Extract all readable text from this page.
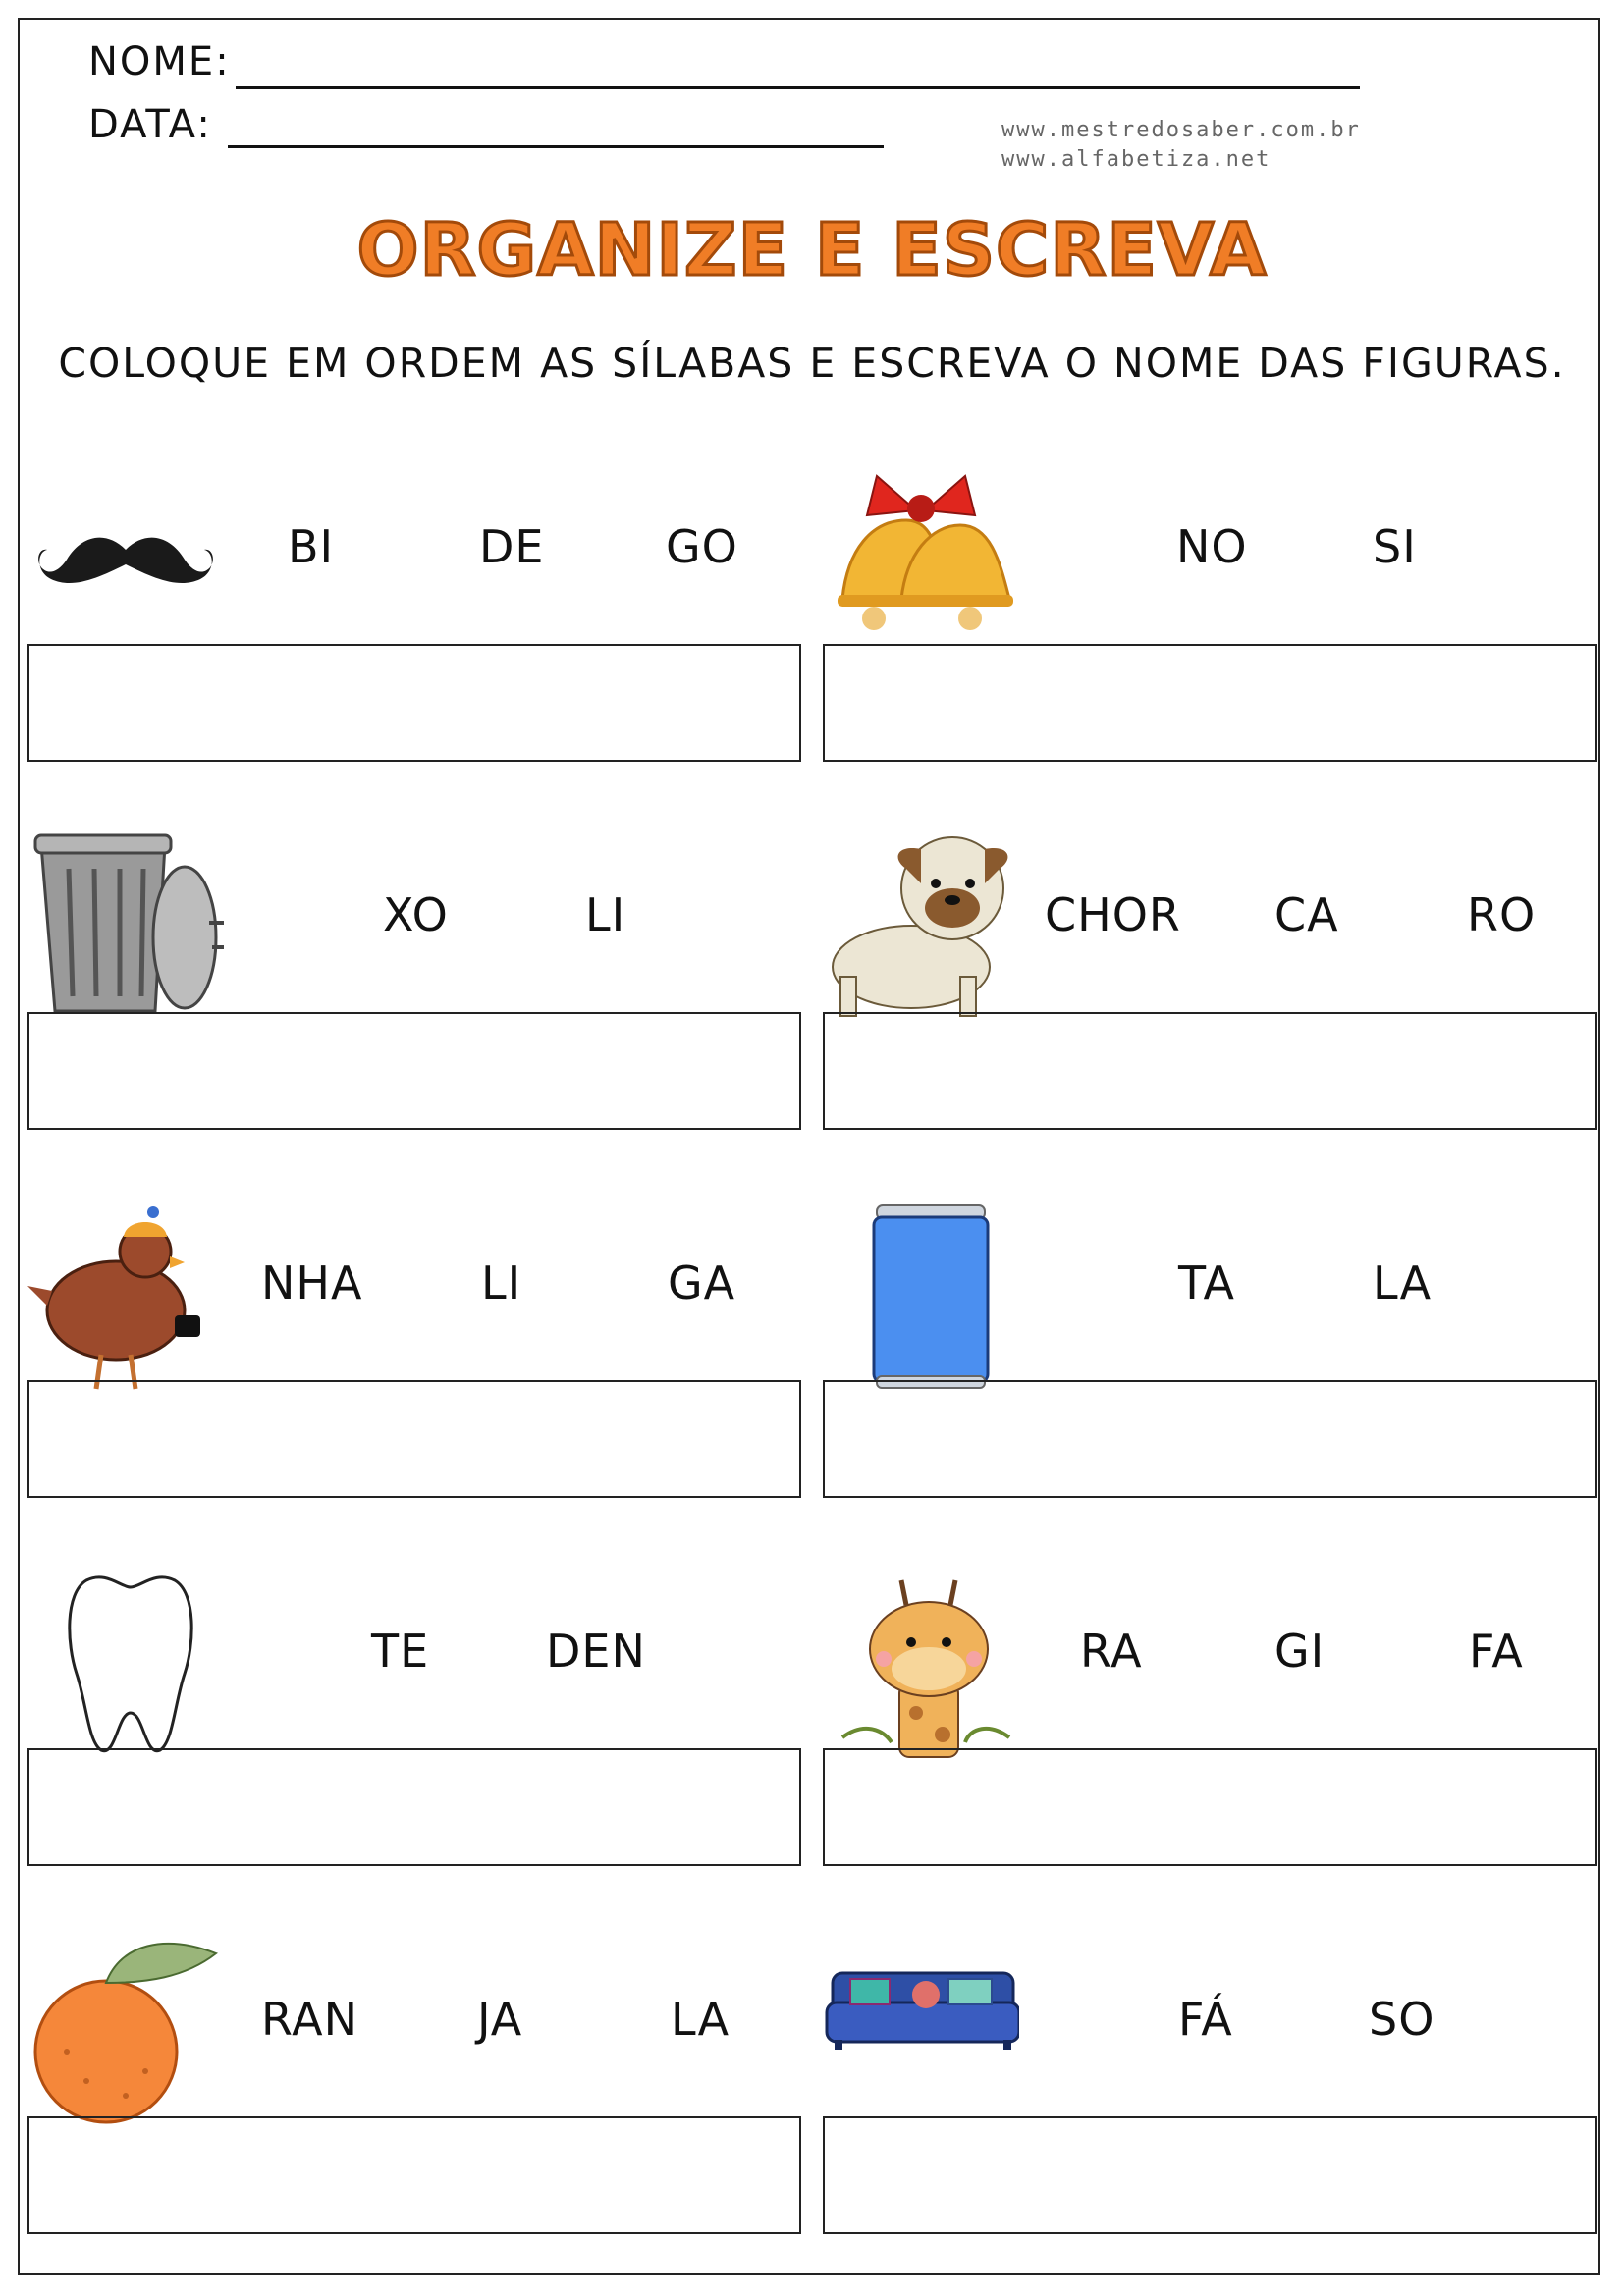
NOME:
DATA:	www.mestredosaber.com.br
www.alfabetiza.net
ORGANIZE E ESCREVA
COLOQUE EM ORDEM AS SÍLABAS E ESCREVA O NOME DAS FIGURAS.
BI	DE	GO	NO	SI
XO	LI	CHOR CA	RO
NHA	LI	GA	TA	LA
TE	DEN	RA	GI	FA
RAN	JA	LA	FÁ	SO
